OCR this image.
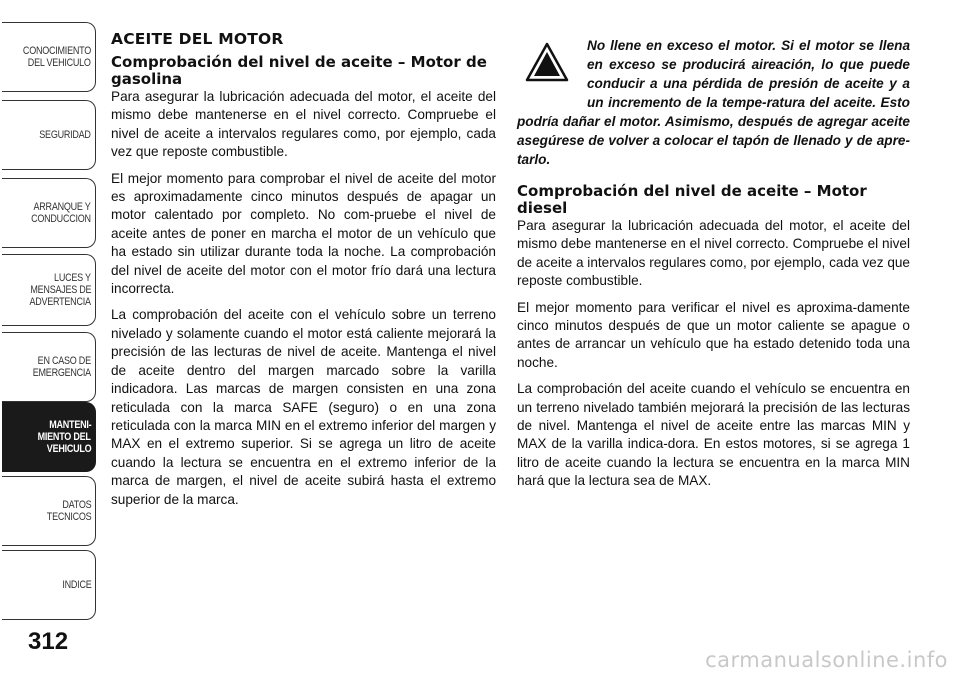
CONOCIMIENTO
DEL VEHICULO
SEGURIDAD
ARRANQUE Y
CONDUCCION
LUCES Y
MENSAJES DE
ADVERTENCIA
EN CASO DE
EMERGENCIA
MANTENI-
MIENTO DEL
VEHICULO
DATOS
TECNICOS
INDICE
312
ACEITE DEL MOTOR
Comprobación del nivel de aceite – Motor de gasolina

Para asegurar la lubricación adecuada del motor, el aceite del mismo debe mantenerse en el nivel correcto. Compruebe el nivel de aceite a intervalos regulares como, por ejemplo, cada vez que reposte combustible.

El mejor momento para comprobar el nivel de aceite del motor es aproximadamente cinco minutos después de apagar un motor calentado por completo. No com-pruebe el nivel de aceite antes de poner en marcha el motor de un vehículo que ha estado sin utilizar durante toda la noche. La comprobación del nivel de aceite del motor con el motor frío dará una lectura incorrecta.

La comprobación del aceite con el vehículo sobre un terreno nivelado y solamente cuando el motor está caliente mejorará la precisión de las lecturas de nivel de aceite. Mantenga el nivel de aceite dentro del margen marcado sobre la varilla indicadora. Las marcas de margen consisten en una zona reticulada con la marca SAFE (seguro) o en una zona reticulada con la marca MIN en el extremo inferior del margen y MAX en el extremo superior. Si se agrega un litro de aceite cuando la lectura se encuentra en el extremo inferior de la marca de margen, el nivel de aceite subirá hasta el extremo superior de la marca.

No llene en exceso el motor. Si el motor se llena en exceso se producirá aireación, lo que puede conducir a una pérdida de presión de aceite y a un incremento de la tempe-ratura del aceite. Esto podría dañar el motor. Asimismo, después de agregar aceite asegúrese de volver a colocar el tapón de llenado y de apre-tarlo.
Comprobación del nivel de aceite – Motor diesel

Para asegurar la lubricación adecuada del motor, el aceite del mismo debe mantenerse en el nivel correcto. Compruebe el nivel de aceite a intervalos regulares como, por ejemplo, cada vez que reposte combustible.

El mejor momento para verificar el nivel es aproxima-damente cinco minutos después de que un motor caliente se apague o antes de arrancar un vehículo que ha estado detenido toda una noche.

La comprobación del aceite cuando el vehículo se encuentra en un terreno nivelado también mejorará la precisión de las lecturas de nivel. Mantenga el nivel de aceite entre las marcas MIN y MAX de la varilla indica-dora. En estos motores, si se agrega 1 litro de aceite cuando la lectura se encuentra en la marca MIN hará que la lectura sea de MAX.

carmanualsonline.info
